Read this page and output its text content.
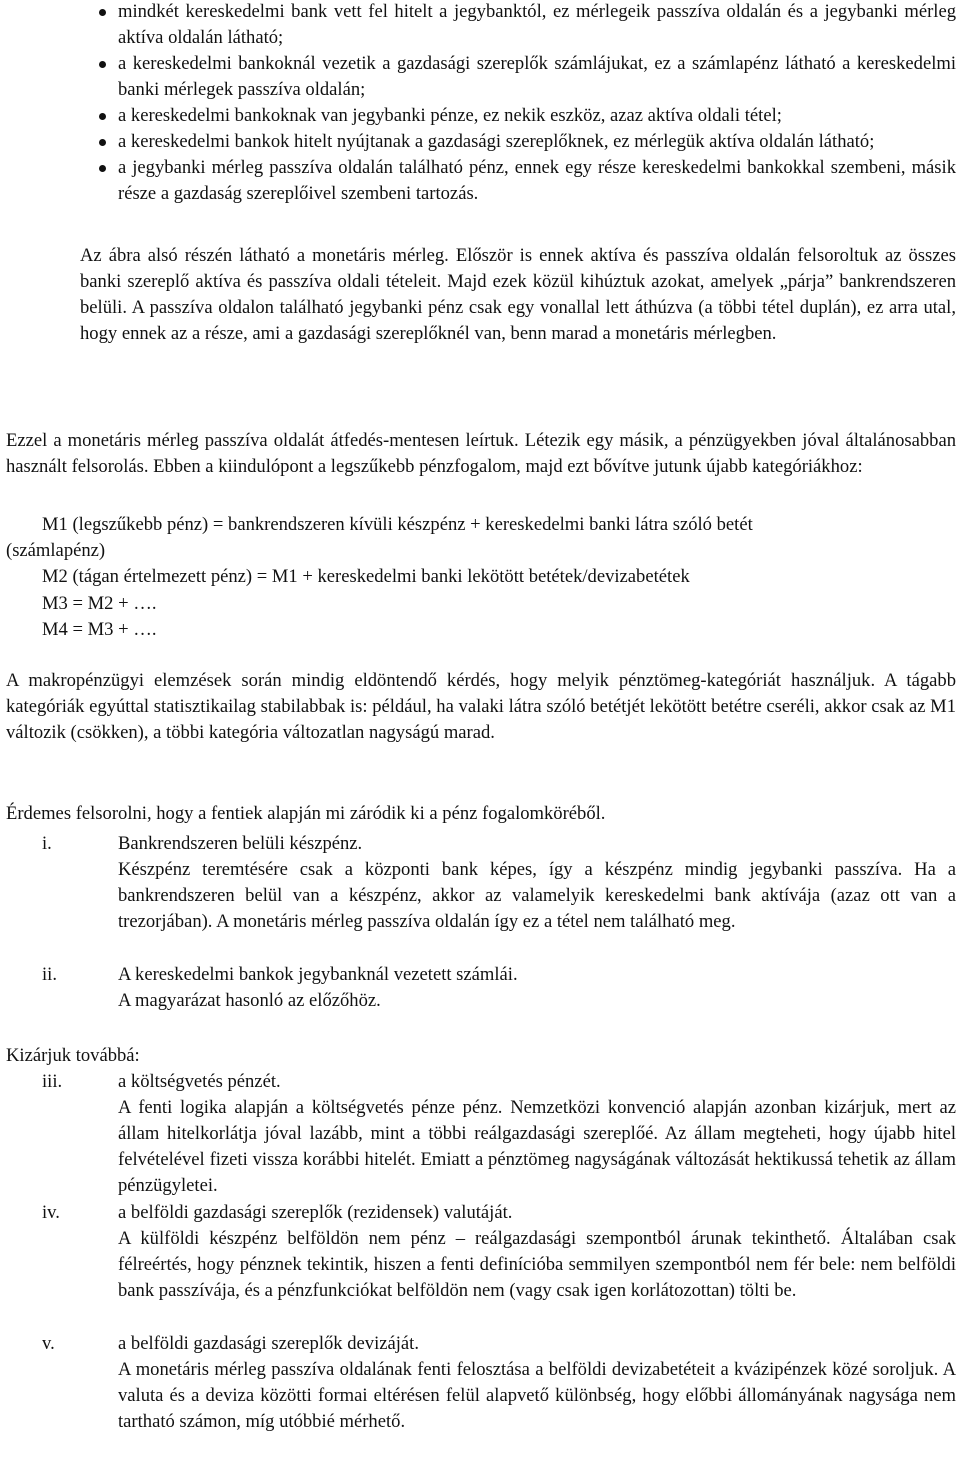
mindkét kereskedelmi bank vett fel hitelt a jegybanktól, ez mérlegeik passzíva oldalán és a jegybanki mérleg aktíva oldalán látható;
a kereskedelmi bankoknál vezetik a gazdasági szereplők számlájukat, ez a számlapénz látható a kereskedelmi banki mérlegek passzíva oldalán;
a kereskedelmi bankoknak van jegybanki pénze, ez nekik eszköz, azaz aktíva oldali tétel;
a kereskedelmi bankok hitelt nyújtanak a gazdasági szereplőknek, ez mérlegük aktíva oldalán látható;
a jegybanki mérleg passzíva oldalán található pénz, ennek egy része kereskedelmi bankokkal szembeni, másik része a gazdaság szereplőivel szembeni tartozás.

Az ábra alsó részén látható a monetáris mérleg. Először is ennek aktíva és passzíva oldalán felsoroltuk az összes banki szereplő aktíva és passzíva oldali tételeit. Majd ezek közül kihúztuk azokat, amelyek „párja” bankrendszeren belüli. A passzíva oldalon található jegybanki pénz csak egy vonallal lett áthúzva (a többi tétel duplán), ez arra utal, hogy ennek az a része, ami a gazdasági szereplőknél van, benn marad a monetáris mérlegben.

Ezzel a monetáris mérleg passzíva oldalát átfedés-mentesen leírtuk. Létezik egy másik, a pénzügyekben jóval általánosabban használt felsorolás. Ebben a kiindulópont a legszűkebb pénzfogalom, majd ezt bővítve jutunk újabb kategóriákhoz:

M1 (legszűkebb pénz) = bankrendszeren kívüli készpénz + kereskedelmi banki látra szóló betét

(számlapénz)

M2 (tágan értelmezett pénz) = M1 + kereskedelmi banki lekötött betétek/devizabetétek

M3 = M2 + ….

M4 = M3 + ….

A makropénzügyi elemzések során mindig eldöntendő kérdés, hogy melyik pénztömeg-kategóriát használjuk. A tágabb kategóriák egyúttal statisztikailag stabilabbak is: például, ha valaki látra szóló betétjét lekötött betétre cseréli, akkor csak az M1 változik (csökken), a többi kategória változatlan nagyságú marad.

Érdemes felsorolni, hogy a fentiek alapján mi záródik ki a pénz fogalomköréből.

i.	Bankrendszeren belüli készpénz.

Készpénz teremtésére csak a központi bank képes, így a készpénz mindig jegybanki passzíva. Ha a bankrendszeren belül van a készpénz, akkor az valamelyik kereskedelmi bank aktívája (azaz ott van a trezorjában). A monetáris mérleg passzíva oldalán így ez a tétel nem található meg.

ii.	A kereskedelmi bankok jegybanknál vezetett számlái.

A magyarázat hasonló az előzőhöz.

Kizárjuk továbbá:

iii.	a költségvetés pénzét.

A fenti logika alapján a költségvetés pénze pénz. Nemzetközi konvenció alapján azonban kizárjuk, mert az állam hitelkorlátja jóval lazább, mint a többi reálgazdasági szereplőé. Az állam megteheti, hogy újabb hitel felvételével fizeti vissza korábbi hitelét. Emiatt a pénztömeg nagyságának változását hektikussá tehetik az állam pénzügyletei.

iv.	a belföldi gazdasági szereplők (rezidensek) valutáját.

A külföldi készpénz belföldön nem pénz – reálgazdasági szempontból árunak tekinthető. Általában csak félreértés, hogy pénznek tekintik, hiszen a fenti definícióba semmilyen szempontból nem fér bele: nem belföldi bank passzívája, és a pénzfunkciókat belföldön nem (vagy csak igen korlátozottan) tölti be.

v.	a belföldi gazdasági szereplők devizáját.

A monetáris mérleg passzíva oldalának fenti felosztása a belföldi devizabetéteit a kvázipénzek közé soroljuk. A valuta és a deviza közötti formai eltérésen felül alapvető különbség, hogy előbbi állományának nagysága nem tartható számon, míg utóbbié mérhető.
